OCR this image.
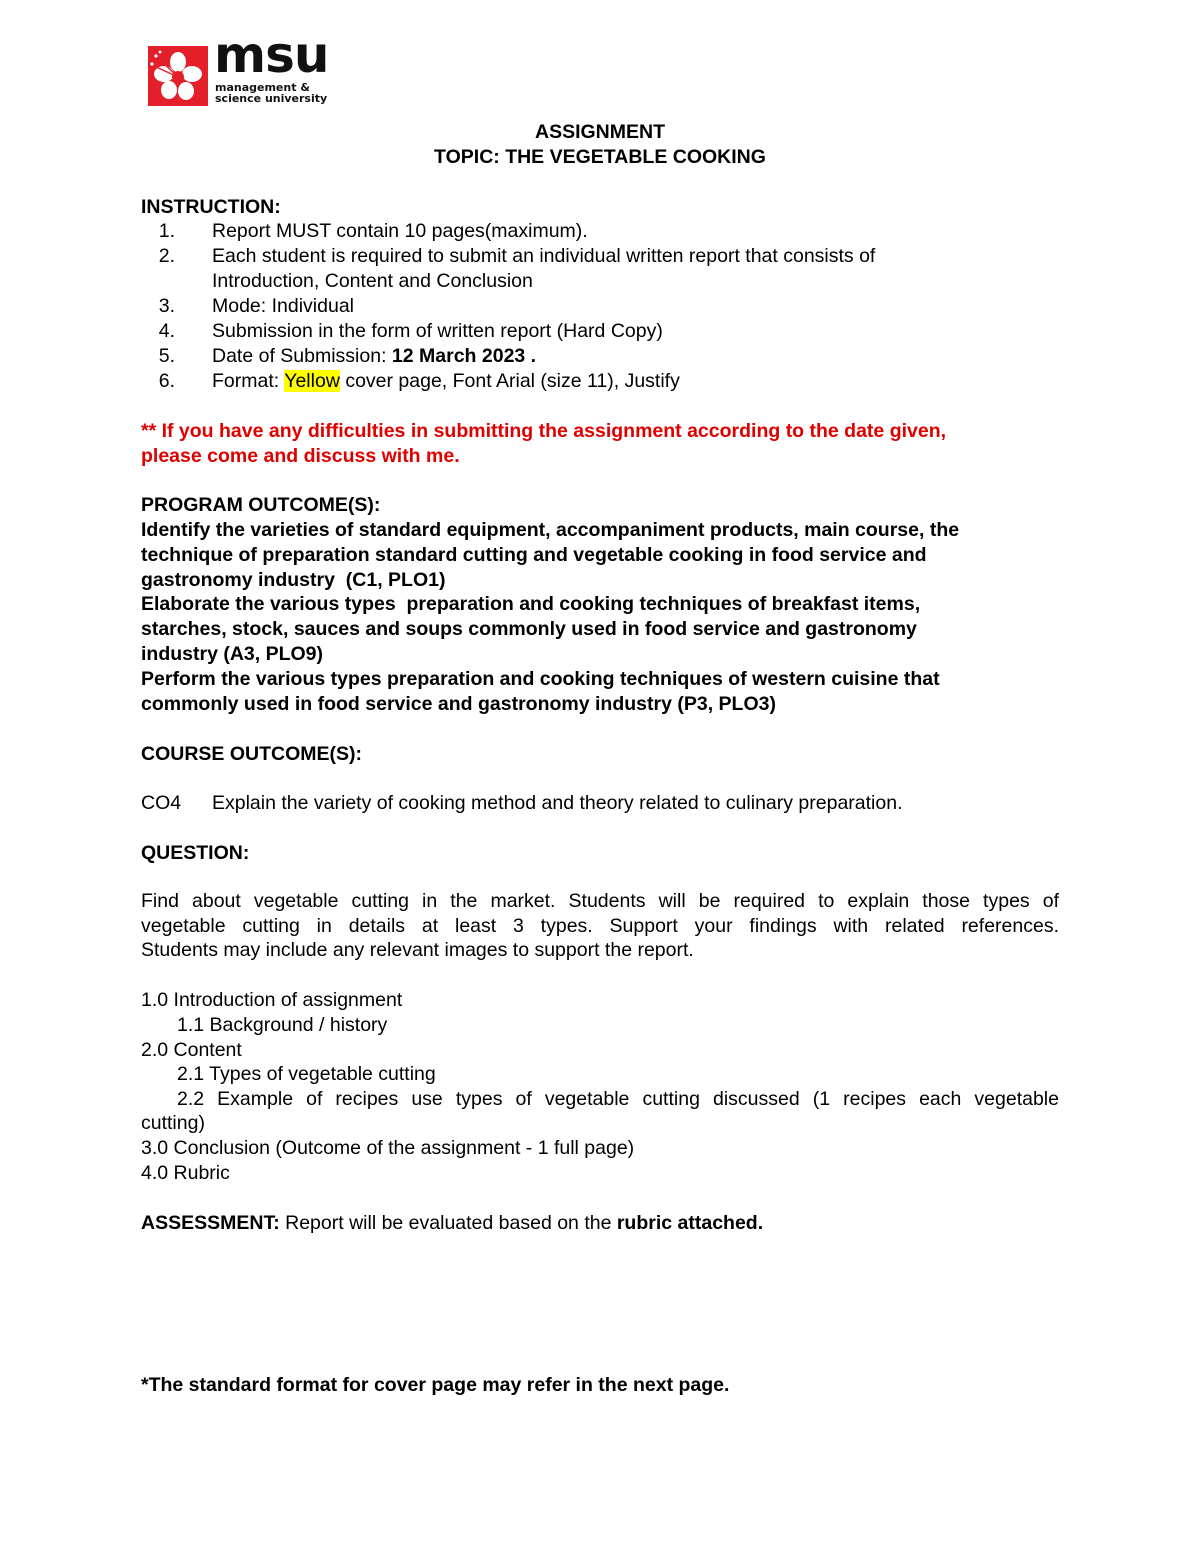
msu
management &
science university
ASSIGNMENT
TOPIC: THE VEGETABLE COOKING
INSTRUCTION:
1. Report MUST contain 10 pages(maximum).
2. Each student is required to submit an individual written report that consists of
Introduction, Content and Conclusion
3. Mode: Individual
4. Submission in the form of written report (Hard Copy)
5. Date of Submission: 12 March 2023 .
6. Format: Yellow cover page, Font Arial (size 11), Justify
** If you have any difficulties in submitting the assignment according to the date given,
please come and discuss with me.
PROGRAM OUTCOME(S):
Identify the varieties of standard equipment, accompaniment products, main course, the
technique of preparation standard cutting and vegetable cooking in food service and
gastronomy industry  (C1, PLO1)
Elaborate the various types  preparation and cooking techniques of breakfast items,
starches, stock, sauces and soups commonly used in food service and gastronomy
industry (A3, PLO9)
Perform the various types preparation and cooking techniques of western cuisine that
commonly used in food service and gastronomy industry (P3, PLO3)
COURSE OUTCOME(S):
CO4 Explain the variety of cooking method and theory related to culinary preparation.
QUESTION:
Find about vegetable cutting in the market. Students will be required to explain those types of
vegetable cutting in details at least 3 types. Support your findings with related references.
Students may include any relevant images to support the report.
1.0 Introduction of assignment
1.1 Background / history
2.0 Content
2.1 Types of vegetable cutting
2.2 Example of recipes use types of vegetable cutting discussed (1 recipes each vegetable
cutting)
3.0 Conclusion (Outcome of the assignment - 1 full page)
4.0 Rubric
ASSESSMENT: Report will be evaluated based on the rubric attached.
*The standard format for cover page may refer in the next page.
